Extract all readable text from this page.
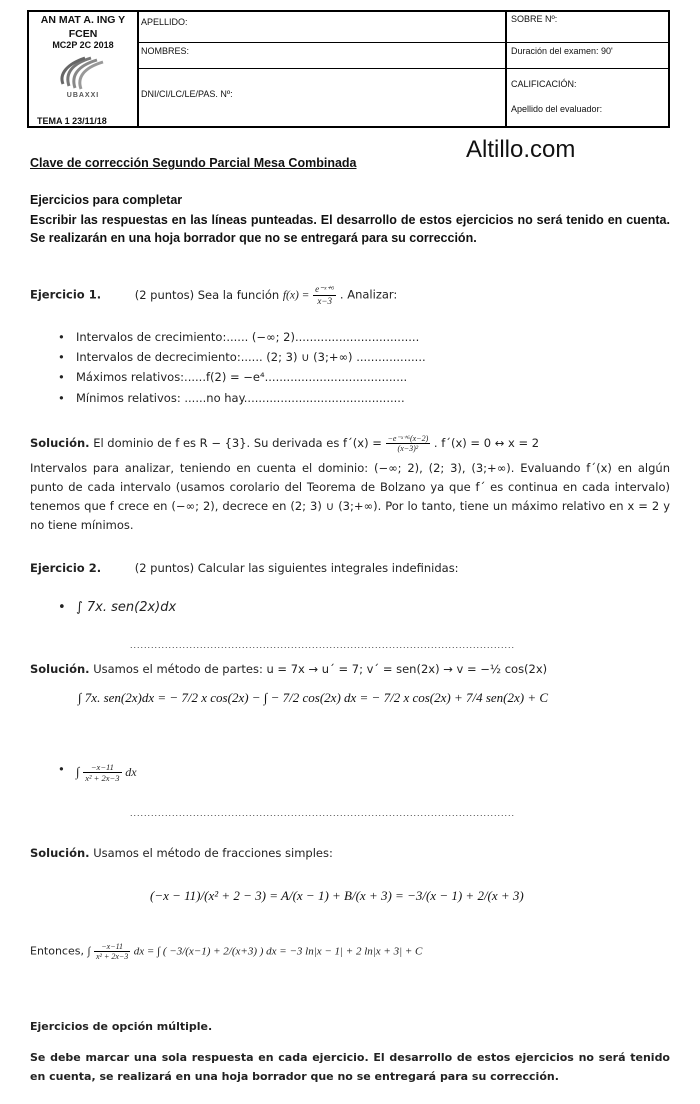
AN MAT A. ING Y
FCEN
MC2P 2C 2018
UBAXXI
TEMA 1 23/11/18
APELLIDO:
NOMBRES:
DNI/CI/LC/LE/PAS. Nº:
SOBRE Nº:
Duración del examen: 90'
CALIFICACIÓN:
Apellido del evaluador:
Altillo.com
Clave de corrección Segundo Parcial Mesa Combinada
Ejercicios para completar
Escribir las respuestas en las líneas punteadas. El desarrollo de estos ejercicios no será tenido en cuenta. Se realizarán en una hoja borrador que no se entregará para su corrección.
Ejercicio 1.	(2 puntos) Sea la función $f(x) = \frac{\text{e⁻ˣ⁺⁶}}{x-3}$ . Analizar:
• Intervalos de crecimiento:...... (−∞; 2)..................................
• Intervalos de decrecimiento:...... (2; 3) ∪ (3;+∞) ...................
• Máximos relativos:......f(2) = −e⁴.......................................
• Mínimos relativos: ......no hay............................................
Solución. El dominio de f es R − {3}. Su derivada es f´(x) = $\frac{\text{−e⁻ˣ⁺⁶(x−2)}}{\text{(x−3)²}}$ . f´(x) = 0 ↔ x = 2
Intervalos para analizar, teniendo en cuenta el dominio: (−∞; 2), (2; 3), (3;+∞). Evaluando f´(x) en algún punto de cada intervalo (usamos corolario del Teorema de Bolzano ya que f´ es continua en cada intervalo) tenemos que f crece en (−∞; 2), decrece en (2; 3) ∪ (3;+∞). Por lo tanto, tiene un máximo relativo en x = 2 y no tiene mínimos.
Ejercicio 2.	(2 puntos) Calcular las siguientes integrales indefinidas:
• ∫ 7x. sen(2x)dx
..............................................................................................................
Solución. Usamos el método de partes: u = 7x → u´ = 7; v´ = sen(2x) → v = −½ cos(2x)
∫ 7x. sen(2x)dx = − 7/2 x cos(2x) − ∫ − 7/2 cos(2x) dx = − 7/2 x cos(2x) + 7/4 sen(2x) + C
• ∫ $\frac{-x-11}{\text{x² + 2x−3}}$ dx
..............................................................................................................
Solución. Usamos el método de fracciones simples:
(−x − 11)/(x² + 2 − 3) = A/(x − 1) + B/(x + 3) = −3/(x − 1) + 2/(x + 3)
Entonces, ∫ $\frac{-x-11}{\text{x² + 2x−3}}$ dx = ∫ ( −3/(x−1) + 2/(x+3) ) dx = −3 ln|x − 1| + 2 ln|x + 3| + C
Ejercicios de opción múltiple.
Se debe marcar una sola respuesta en cada ejercicio. El desarrollo de estos ejercicios no será tenido en cuenta, se realizará en una hoja borrador que no se entregará para su corrección.
